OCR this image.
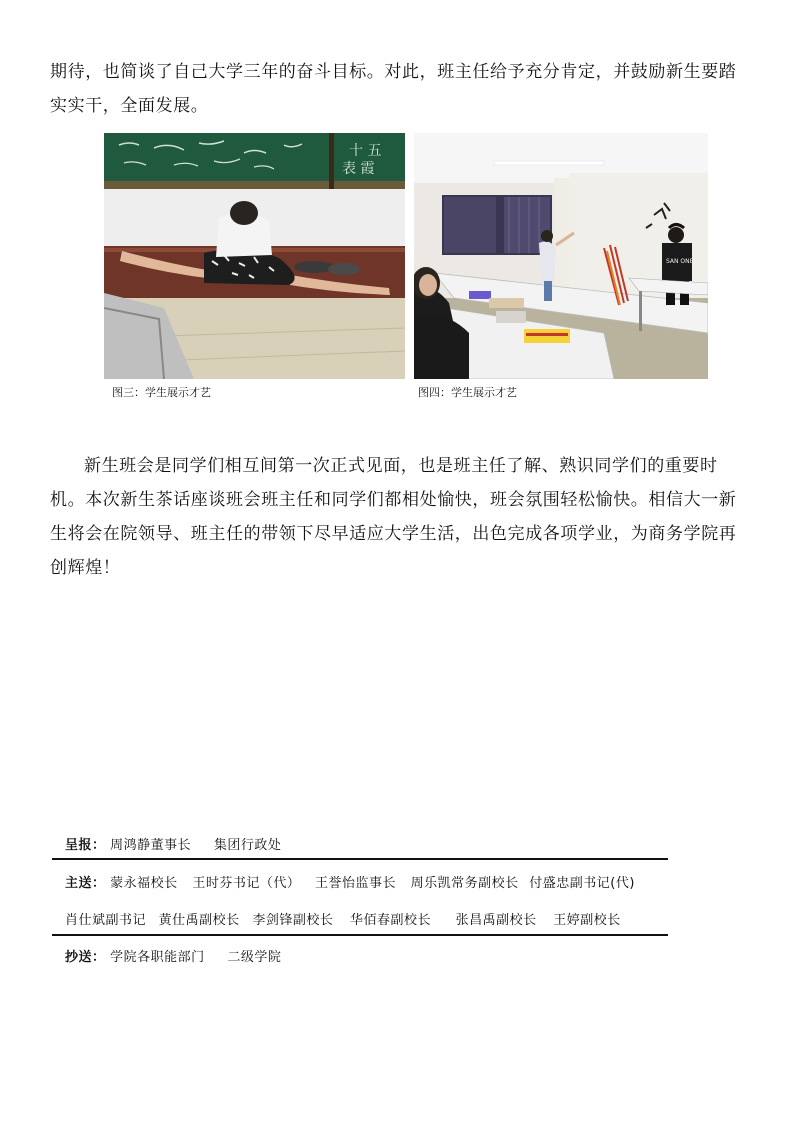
期待，也简谈了自己大学三年的奋斗目标。对此，班主任给予充分肯定，并鼓励新生要踏实实干，全面发展。
十 五表 霞
SAN ONE
图三：学生展示才艺	图四：学生展示才艺
新生班会是同学们相互间第一次正式见面，也是班主任了解、熟识同学们的重要时机。本次新生茶话座谈班会班主任和同学们都相处愉快，班会氛围轻松愉快。相信大一新生将会在院领导、班主任的带领下尽早适应大学生活，出色完成各项学业，为商务学院再创辉煌！
呈报： 周鸿静董事长 集团行政处
主送： 蒙永福校长 王时芬书记（代） 王誉怡监事长 周乐凯常务副校长 付盛忠副书记(代)
肖仕斌副书记 黄仕禹副校长 李剑锋副校长 华佰春副校长 张昌禹副校长 王婷副校长
抄送： 学院各职能部门 二级学院
